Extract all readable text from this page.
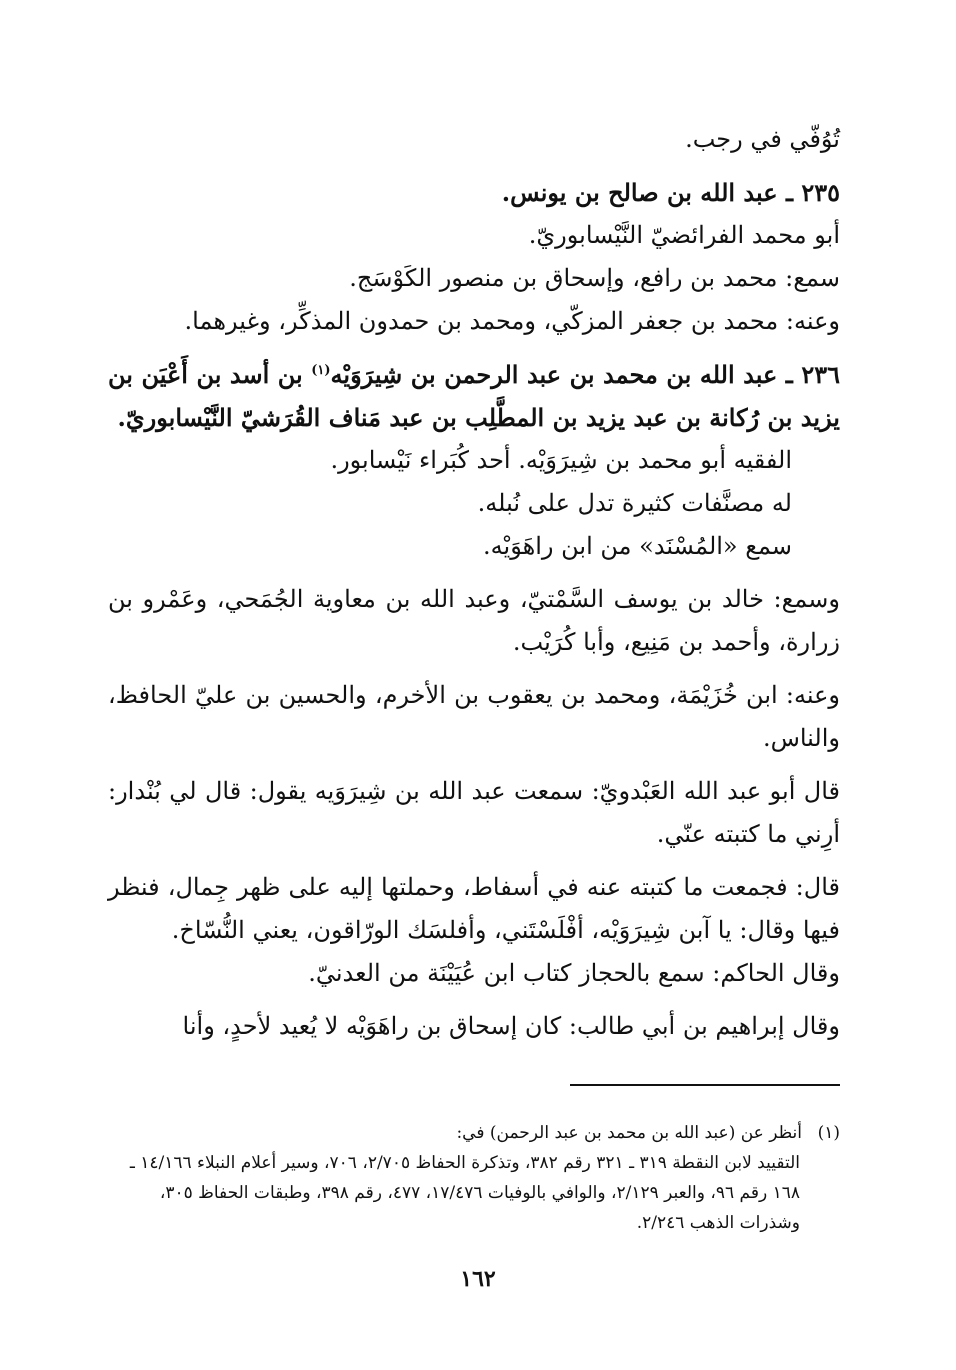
تُوُفّي في رجب.

٢٣٥ ـ عبد الله بن صالح بن يونس.

أبو محمد الفرائضيّ النَّيْسابوريّ.

سمع: محمد بن رافع، وإسحاق بن منصور الكَوْسَج.

وعنه: محمد بن جعفر المزكّي، ومحمد بن حمدون المذكِّر، وغيرهما.

٢٣٦ ـ عبد الله بن محمد بن عبد الرحمن بن شِيرَوَيْه$^{(١)}$ بن أسد بن أَعْيَن بن يزيد بن رُكانة بن عبد يزيد بن المطَّلِب بن عبد مَناف القُرَشيّ النَّيْسابوريّ.

الفقيه أبو محمد بن شِيرَوَيْه. أحد كُبَراء نَيْسابور.

له مصنَّفات كثيرة تدل على نُبله.

سمع «المُسْنَد» من ابن راهَوَيْه.

وسمع: خالد بن يوسف السَّمْتيّ، وعبد الله بن معاوية الجُمَحي، وعَمْرو بن زرارة، وأحمد بن مَنِيع، وأبا كُرَيْب.

وعنه: ابن خُزَيْمَة، ومحمد بن يعقوب بن الأخرم، والحسين بن عليّ الحافظ، والناس.

قال أبو عبد الله العَبْدويّ: سمعت عبد الله بن شِيرَوَيه يقول: قال لي بُنْدار: أرِني ما كتبته عنّي.

قال: فجمعت ما كتبته عنه في أسفاط، وحملتها إليه على ظهر جِمال، فنظر فيها وقال: يا آبن شِيرَوَيْه، أفْلَسْتَني، وأفلسَك الورّاقون، يعني النُّسّاخ.

وقال الحاكم: سمع بالحجاز كتاب ابن عُيَيْنَة من العدنيّ.

وقال إبراهيم بن أبي طالب: كان إسحاق بن راهَوَيْه لا يُعيد لأحدٍ، وأنا

(١)أنظر عن (عبد الله بن محمد بن عبد الرحمن) في:
التقييد لابن النقطة ٣١٩ ـ ٣٢١ رقم ٣٨٢، وتذكرة الحفاظ ٢/٧٠٥، ٧٠٦، وسير أعلام النبلاء ١٤/١٦٦ ـ ١٦٨ رقم ٩٦، والعبر ٢/١٢٩، والوافي بالوفيات ١٧/٤٧٦، ٤٧٧، رقم ٣٩٨، وطبقات الحفاظ ٣٠٥، وشذرات الذهب ٢/٢٤٦.
١٦٢
